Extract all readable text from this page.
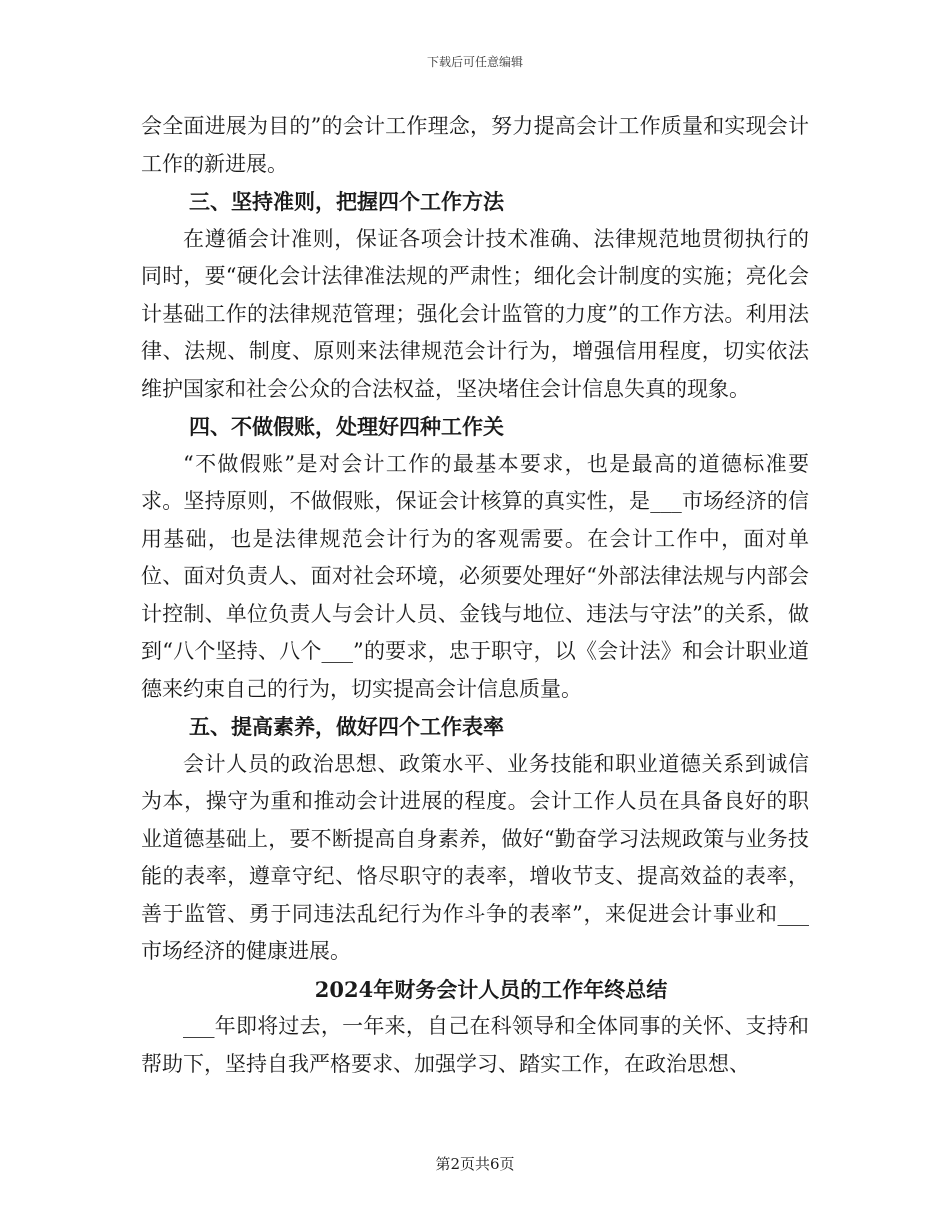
下载后可任意编辑

会全面进展为目的”的会计工作理念，努力提高会计工作质量和实现会计工作的新进展。

三、坚持准则，把握四个工作方法

在遵循会计准则，保证各项会计技术准确、法律规范地贯彻执行的同时，要“硬化会计法律准法规的严肃性；细化会计制度的实施；亮化会计基础工作的法律规范管理；强化会计监管的力度”的工作方法。利用法律、法规、制度、原则来法律规范会计行为，增强信用程度，切实依法维护国家和社会公众的合法权益，坚决堵住会计信息失真的现象。

四、不做假账，处理好四种工作关

“不做假账”是对会计工作的最基本要求，也是最高的道德标准要求。坚持原则，不做假账，保证会计核算的真实性，是___市场经济的信用基础，也是法律规范会计行为的客观需要。在会计工作中，面对单位、面对负责人、面对社会环境，必须要处理好“外部法律法规与内部会计控制、单位负责人与会计人员、金钱与地位、违法与守法”的关系，做到“八个坚持、八个___”的要求，忠于职守，以《会计法》和会计职业道德来约束自己的行为，切实提高会计信息质量。

五、提高素养，做好四个工作表率

会计人员的政治思想、政策水平、业务技能和职业道德关系到诚信为本，操守为重和推动会计进展的程度。会计工作人员在具备良好的职业道德基础上，要不断提高自身素养，做好“勤奋学习法规政策与业务技能的表率，遵章守纪、恪尽职守的表率，增收节支、提高效益的表率，善于监管、勇于同违法乱纪行为作斗争的表率”，来促进会计事业和___市场经济的健康进展。

2024年财务会计人员的工作年终总结

___年即将过去，一年来，自己在科领导和全体同事的关怀、支持和帮助下，坚持自我严格要求、加强学习、踏实工作，在政治思想、

第2页共6页
